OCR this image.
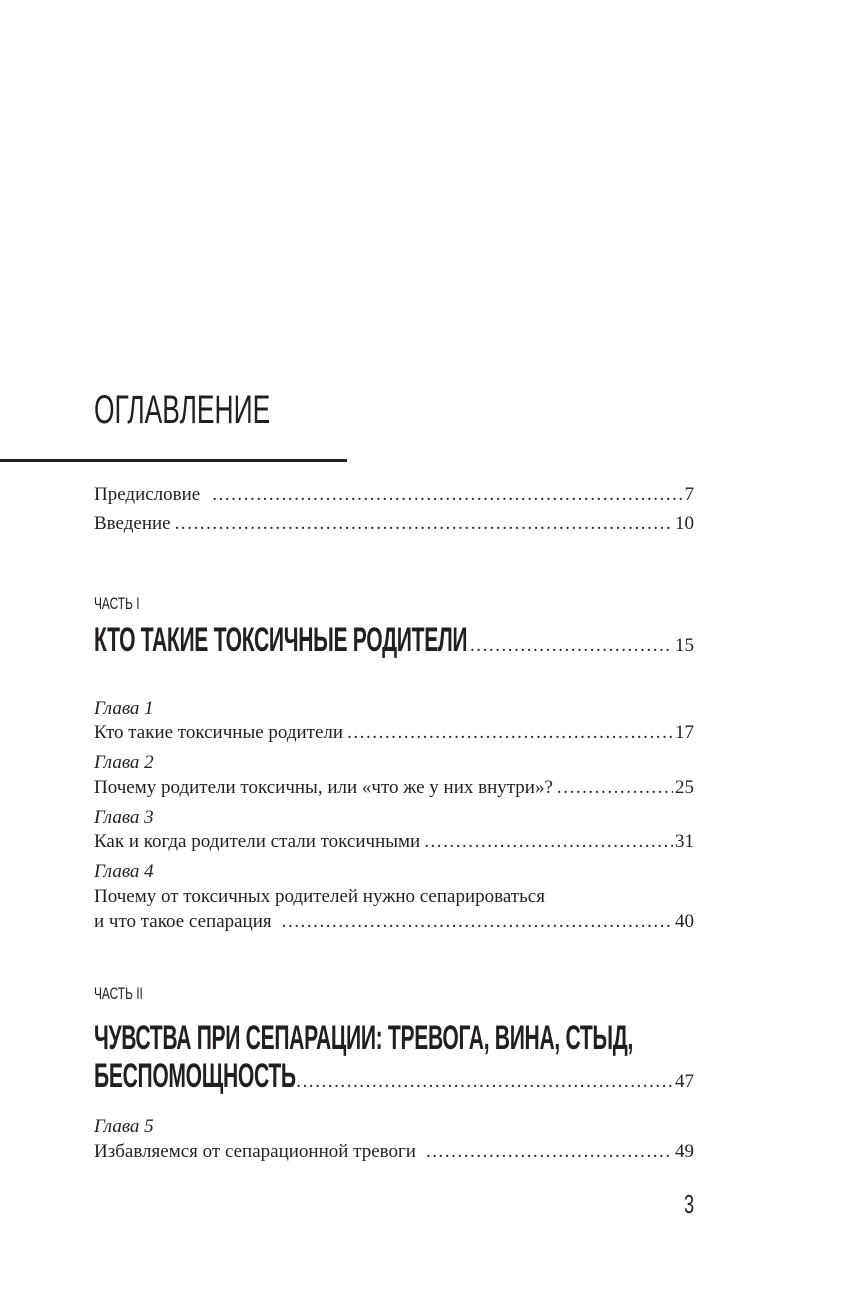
ОГЛАВЛЕНИЕ
Предисловие . . .	7
Введение . . .	10
ЧАСТЬ I
КТО ТАКИЕ ТОКСИЧНЫЕ РОДИТЕЛИ . . .	15
Глава 1
Кто такие токсичные родители . . .	17
Глава 2
Почему родители токсичны, или «что же у них внутри»? . . .	25
Глава 3
Как и когда родители стали токсичными . . .	31
Глава 4
Почему от токсичных родителей нужно сепарироваться
и что такое сепарация . . .	40
ЧАСТЬ II
ЧУВСТВА ПРИ СЕПАРАЦИИ: ТРЕВОГА, ВИНА, СТЫД,
БЕСПОМОЩНОСТЬ . . .	47
Глава 5
Избавляемся от сепарационной тревоги . . .	49
3
